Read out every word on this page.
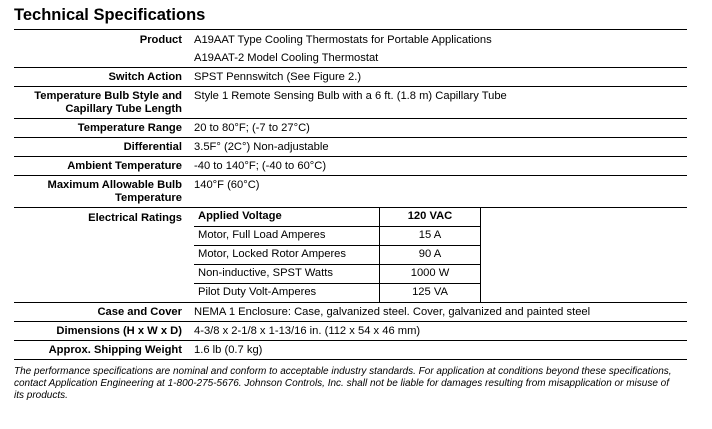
Technical Specifications
Product	A19AAT Type Cooling Thermostats for Portable Applications
A19AAT-2 Model Cooling Thermostat

Switch Action	SPST Pennswitch (See Figure 2.)
Temperature Bulb Style and Capillary Tube Length	Style 1 Remote Sensing Bulb with a 6 ft. (1.8 m) Capillary Tube
Temperature Range	20 to 80°F; (-7 to 27°C)
Differential	3.5F° (2C°) Non-adjustable
Ambient Temperature	-40 to 140°F; (-40 to 60°C)
Maximum Allowable Bulb Temperature	140°F (60°C)
Electrical Ratings	Applied Voltage	120 VAC
Motor, Full Load Amperes	15 A
Motor, Locked Rotor Amperes	90 A
Non-inductive, SPST Watts	1000 W
Pilot Duty Volt-Amperes	125 VA

Case and Cover	NEMA 1 Enclosure: Case, galvanized steel. Cover, galvanized and painted steel
Dimensions (H x W x D)	4-3/8 x 2-1/8 x 1-13/16 in. (112 x 54 x 46 mm)
Approx. Shipping Weight	1.6 lb (0.7 kg)

The performance specifications are nominal and conform to acceptable industry standards. For application at conditions beyond these specifications, contact Application Engineering at 1-800-275-5676. Johnson Controls, Inc. shall not be liable for damages resulting from misapplication or misuse of its products.
